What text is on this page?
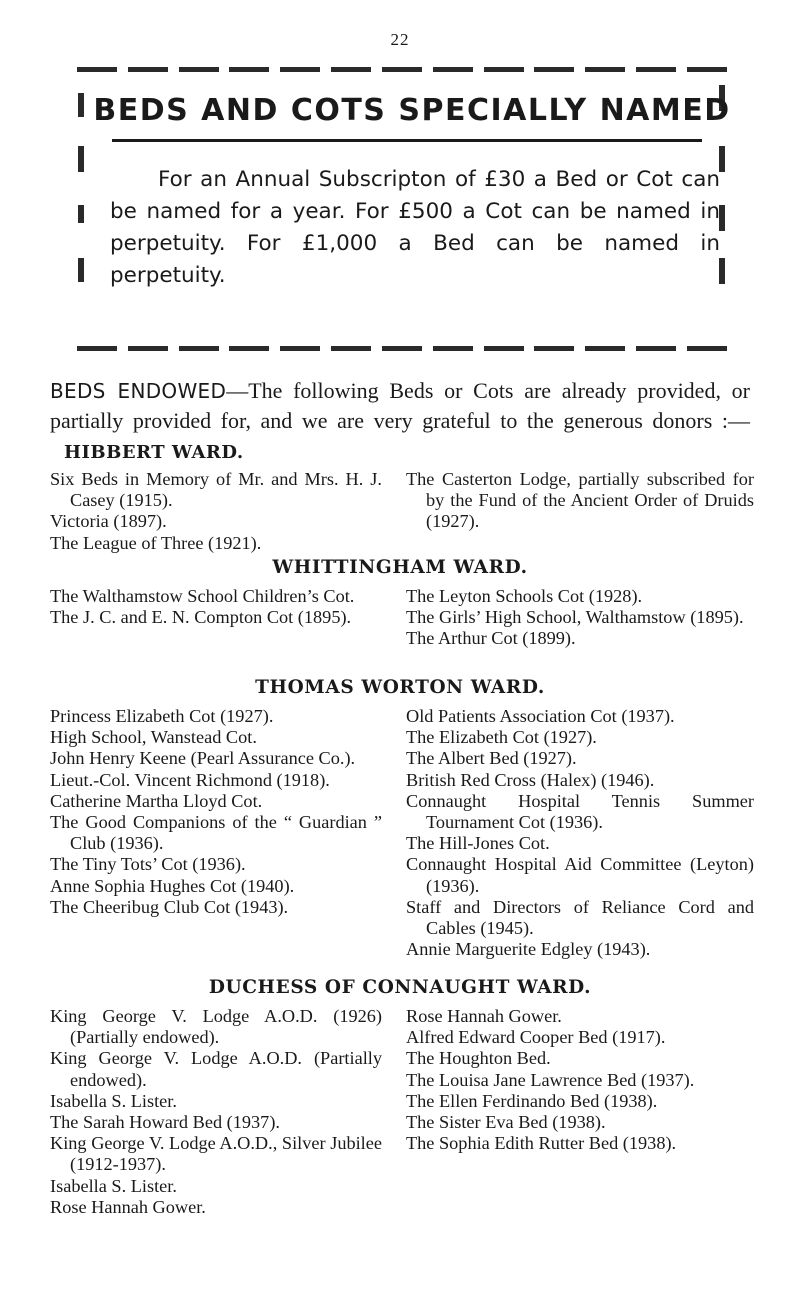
22
BEDS AND COTS SPECIALLY NAMED
For an Annual Subscripton of £30 a Bed or Cot can be named for a year. For £500 a Cot can be named in perpetuity. For £1,000 a Bed can be named in perpetuity.
BEDS ENDOWED—The following Beds or Cots are already provided, or partially provided for, and we are very grateful to the generous donors :—HIBBERT WARD.
Six Beds in Memory of Mr. and Mrs. H. J. Casey (1915).
Victoria (1897).
The League of Three (1921).
The Casterton Lodge, partially subscribed for by the Fund of the Ancient Order of Druids (1927).
WHITTINGHAM WARD.
The Walthamstow School Children’s Cot.
The J. C. and E. N. Compton Cot (1895).
The Leyton Schools Cot (1928).
The Girls’ High School, Walthamstow (1895).
The Arthur Cot (1899).
THOMAS WORTON WARD.
Princess Elizabeth Cot (1927).
High School, Wanstead Cot.
John Henry Keene (Pearl Assurance Co.).
Lieut.-Col. Vincent Richmond (1918).
Catherine Martha Lloyd Cot.
The Good Companions of the “ Guardian ” Club (1936).
The Tiny Tots’ Cot (1936).
Anne Sophia Hughes Cot (1940).
The Cheeribug Club Cot (1943).
Old Patients Association Cot (1937).
The Elizabeth Cot (1927).
The Albert Bed (1927).
British Red Cross (Halex) (1946).
Connaught Hospital Tennis Summer Tournament Cot (1936).
The Hill-Jones Cot.
Connaught Hospital Aid Committee (Leyton) (1936).
Staff and Directors of Reliance Cord and Cables (1945).
Annie Marguerite Edgley (1943).
DUCHESS OF CONNAUGHT WARD.
King George V. Lodge A.O.D. (1926) (Partially endowed).
King George V. Lodge A.O.D. (Partially endowed).
Isabella S. Lister.
The Sarah Howard Bed (1937).
King George V. Lodge A.O.D., Silver Jubilee (1912-1937).
Isabella S. Lister.
Rose Hannah Gower.
Rose Hannah Gower.
Alfred Edward Cooper Bed (1917).
The Houghton Bed.
The Louisa Jane Lawrence Bed (1937).
The Ellen Ferdinando Bed (1938).
The Sister Eva Bed (1938).
The Sophia Edith Rutter Bed (1938).
